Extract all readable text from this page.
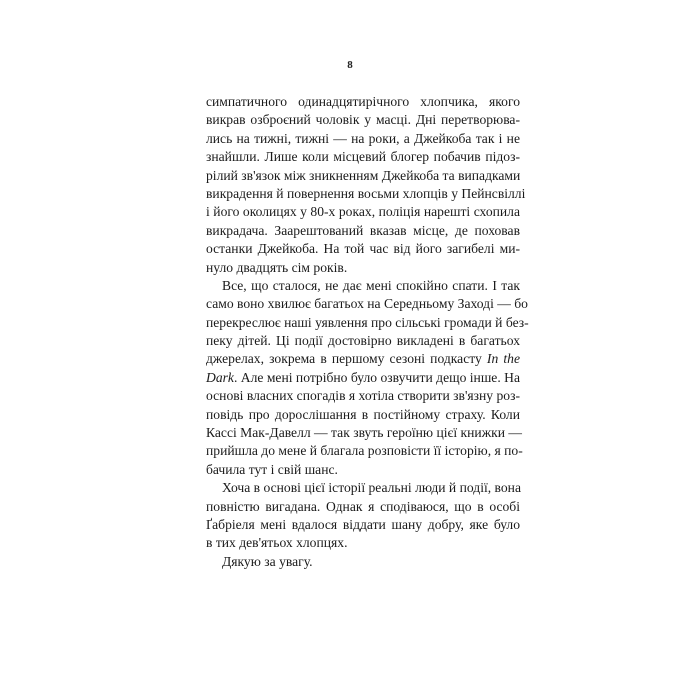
8
симпатичного одинадцятирічного хлопчика, якого
викрав озброєний чоловік у масці. Дні перетворюва-
лись на тижні, тижні — на роки, а Джейкоба так і не
знайшли. Лише коли місцевий блогер побачив підоз-
рілий зв'язок між зникненням Джейкоба та випадками
викрадення й повернення восьми хлопців у Пейнсвіллі
і його околицях у 80-х роках, поліція нарешті схопила
викрадача. Заарештований вказав місце, де поховав
останки Джейкоба. На той час від його загибелі ми-
нуло двадцять сім років.
Все, що сталося, не дає мені спокійно спати. І так
само воно хвилює багатьох на Середньому Заході — бо
перекреслює наші уявлення про сільські громади й без-
пеку дітей. Ці події достовірно викладені в багатьох
джерелах, зокрема в першому сезоні подкасту In the
Dark. Але мені потрібно було озвучити дещо інше. На
основі власних спогадів я хотіла створити зв'язну роз-
повідь про дорослішання в постійному страху. Коли
Кассі Мак-Давелл — так звуть героїню цієї книжки —
прийшла до мене й благала розповісти її історію, я по-
бачила тут і свій шанс.
Хоча в основі цієї історії реальні люди й події, вона
повністю вигадана. Однак я сподіваюся, що в особі
Ґабріеля мені вдалося віддати шану добру, яке було
в тих дев'ятьох хлопцях.
Дякую за увагу.
